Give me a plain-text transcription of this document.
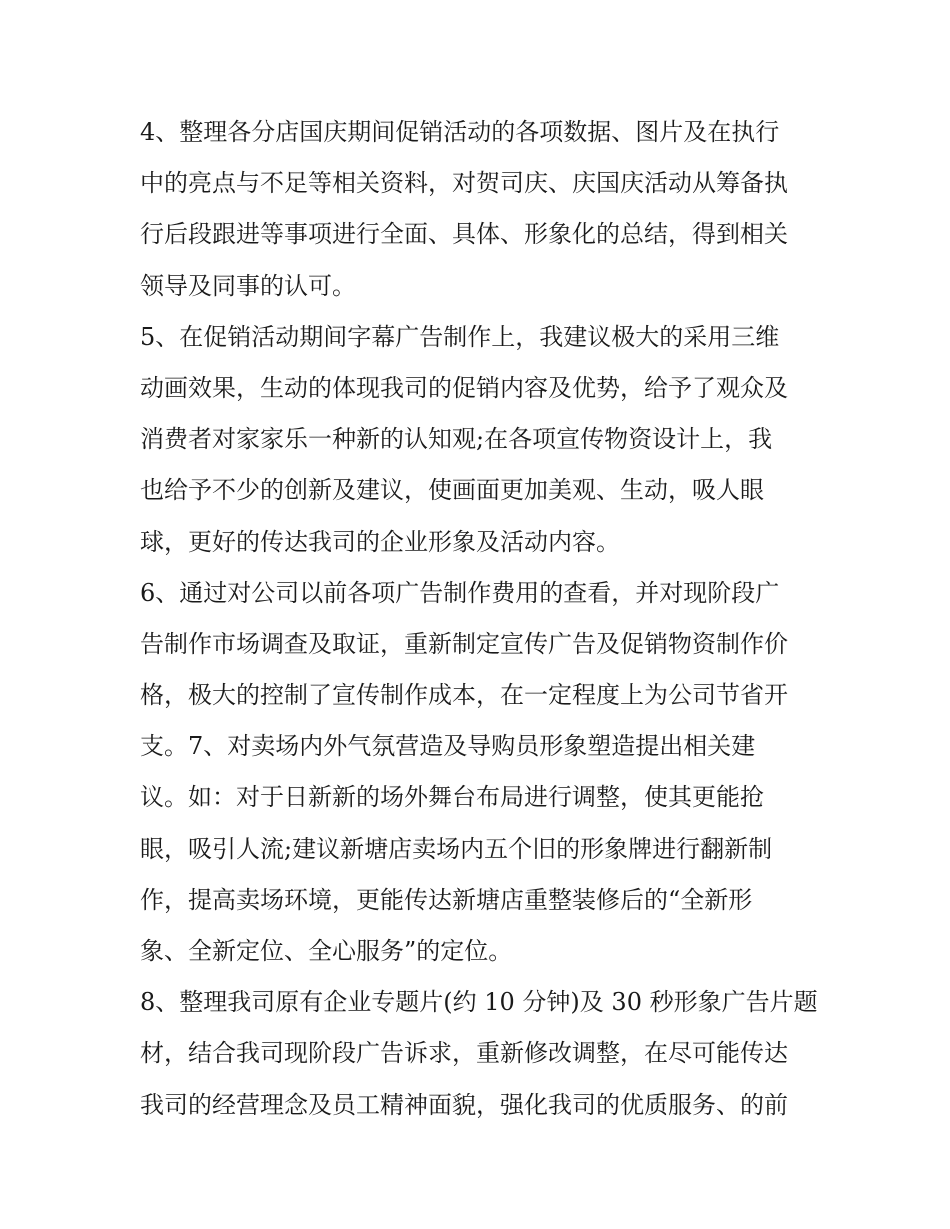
4、整理各分店国庆期间促销活动的各项数据、图片及在执行
中的亮点与不足等相关资料，对贺司庆、庆国庆活动从筹备执
行后段跟进等事项进行全面、具体、形象化的总结，得到相关
领导及同事的认可。
5、在促销活动期间字幕广告制作上，我建议极大的采用三维
动画效果，生动的体现我司的促销内容及优势，给予了观众及
消费者对家家乐一种新的认知观;在各项宣传物资设计上，我
也给予不少的创新及建议，使画面更加美观、生动，吸人眼
球，更好的传达我司的企业形象及活动内容。
6、通过对公司以前各项广告制作费用的查看，并对现阶段广
告制作市场调查及取证，重新制定宣传广告及促销物资制作价
格，极大的控制了宣传制作成本，在一定程度上为公司节省开
支。7、对卖场内外气氛营造及导购员形象塑造提出相关建
议。如：对于日新新的场外舞台布局进行调整，使其更能抢
眼，吸引人流;建议新塘店卖场内五个旧的形象牌进行翻新制
作，提高卖场环境，更能传达新塘店重整装修后的“全新形
象、全新定位、全心服务”的定位。
8、整理我司原有企业专题片(约 10 分钟)及 30 秒形象广告片题
材，结合我司现阶段广告诉求，重新修改调整，在尽可能传达
我司的经营理念及员工精神面貌，强化我司的优质服务、的前
